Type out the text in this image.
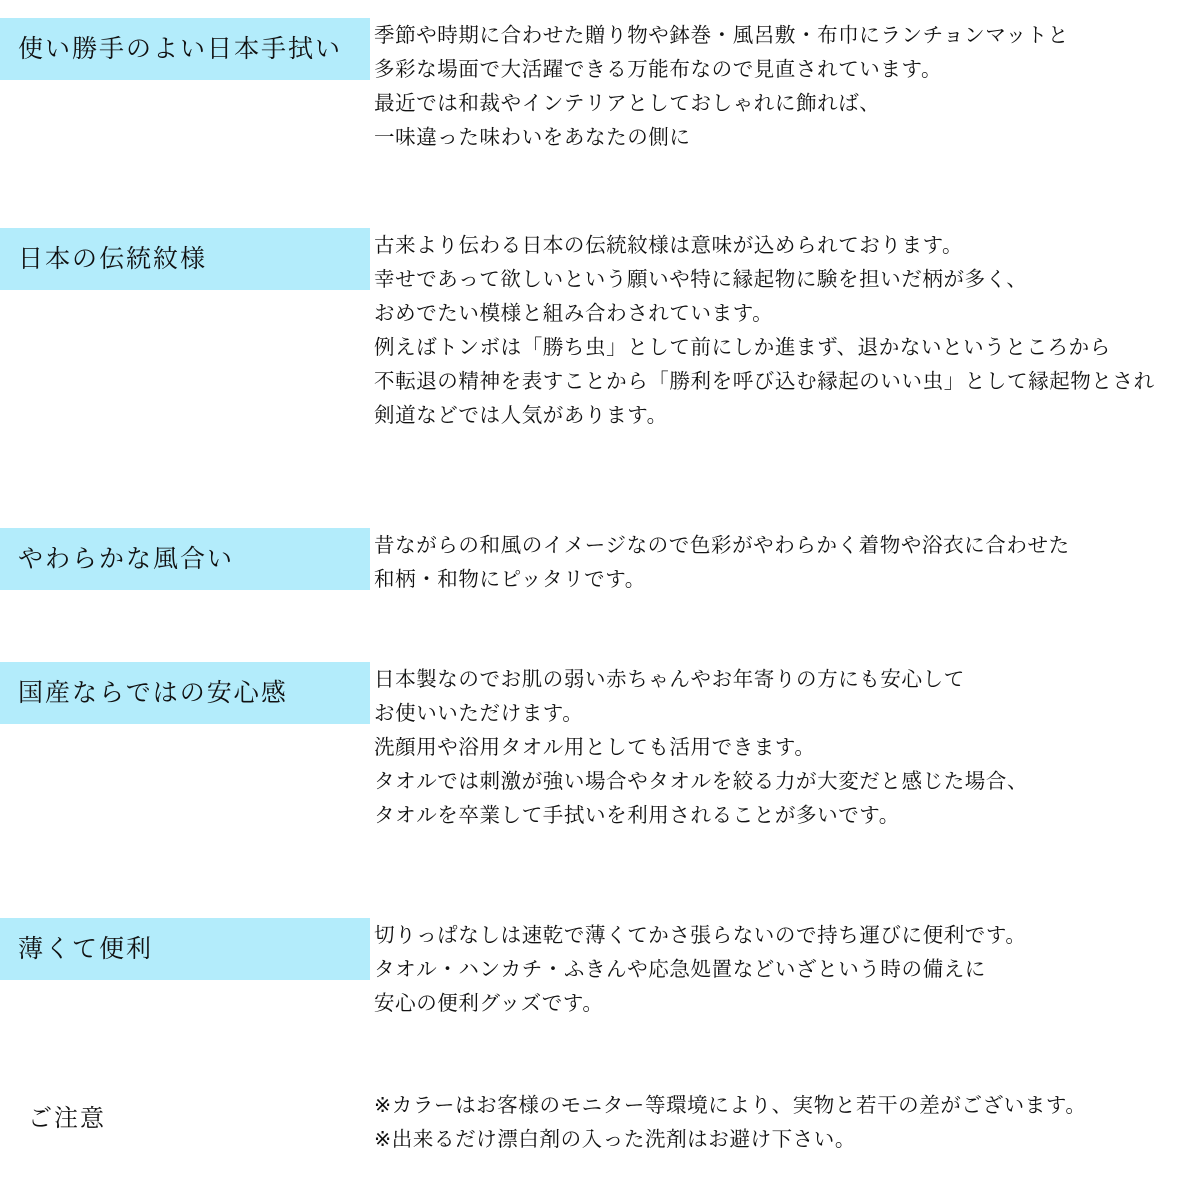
使い勝手のよい日本手拭い	季節や時期に合わせた贈り物や鉢巻・風呂敷・布巾にランチョンマットと
多彩な場面で大活躍できる万能布なので見直されています。
最近では和裁やインテリアとしておしゃれに飾れば、
一味違った味わいをあなたの側に
日本の伝統紋様	古来より伝わる日本の伝統紋様は意味が込められております。
幸せであって欲しいという願いや特に縁起物に験を担いだ柄が多く、
おめでたい模様と組み合わされています。
例えばトンボは「勝ち虫」として前にしか進まず、退かないというところから
不転退の精神を表すことから「勝利を呼び込む縁起のいい虫」として縁起物とされ
剣道などでは人気があります。
やわらかな風合い	昔ながらの和風のイメージなので色彩がやわらかく着物や浴衣に合わせた
和柄・和物にピッタリです。
国産ならではの安心感	日本製なのでお肌の弱い赤ちゃんやお年寄りの方にも安心して
お使いいただけます。
洗顔用や浴用タオル用としても活用できます。
タオルでは刺激が強い場合やタオルを絞る力が大変だと感じた場合、
タオルを卒業して手拭いを利用されることが多いです。
薄くて便利	切りっぱなしは速乾で薄くてかさ張らないので持ち運びに便利です。
タオル・ハンカチ・ふきんや応急処置などいざという時の備えに
安心の便利グッズです。
ご注意	※カラーはお客様のモニター等環境により、実物と若干の差がございます。
※出来るだけ漂白剤の入った洗剤はお避け下さい。
